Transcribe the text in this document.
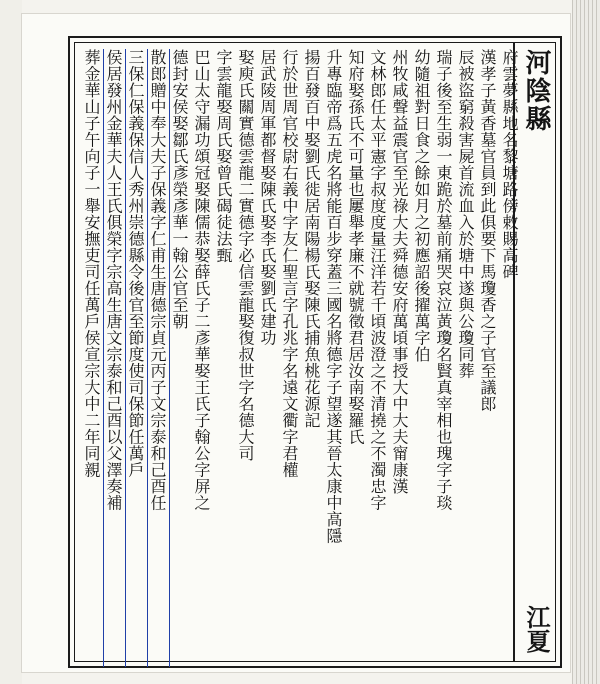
河陰縣
江夏
府雲夢縣地名黎塘路傍敕賜高碑
漢孝子黃香墓官員到此俱要下馬瓊香之子官至議郎
辰被盜窮殺害屍首流血入於塘中遂與公瓊同葬
瑞子後至生弱一東跪於墓前痛哭哀泣黃瓊名賢真宰相也瑰字子琰
幼隨祖對日食之餘如月之初應詔後擢萬字伯
州牧咸聲益震官至光祿大夫舜德安府萬頃事授大中大夫甯康漢
文林郎任太平憲字叔度度量汪洋若千頃波澄之不清撓之不濁忠字
知府娶孫氏不可量也屢舉孝廉不就號徵君居汝南娶羅氏
升專臨帝爲五虎名將能百步穿蓋三國名將德字子望遂其晉太康中高隱
揚百發百中娶劉氏徙居南陽楊氏娶陳氏捕魚桃花源記
行於世周官校尉右義中字友仁聖言字孔兆字名遠文衢字君權
居武陵周軍都督娶陳氏娶李氏娶劉氏建功
娶庾氏關實德雲龍二實德字必信雲龍娶復叔世字名德大司
字雲龍娶周氏娶曾氏碣徒法甄
巴山太守漏功頌冠娶陳儒恭娶薛氏子二彥華娶王氏子翰公字屏之
德封安侯娶鄒氏彥榮彥華一翰公官至朝
散郎贈中奉大夫子保義字仁甫生唐德宗貞元丙子文宗泰和己酉任
三保仁保義保信人秀州崇德縣令後官至節度使司保節任萬戶
侯居發州金華夫人王氏俱榮字宗高生唐文宗泰和己酉以父澤奏補
葬金華山子午向子一舉安撫吏司任萬戶侯宣宗大中二年同親
